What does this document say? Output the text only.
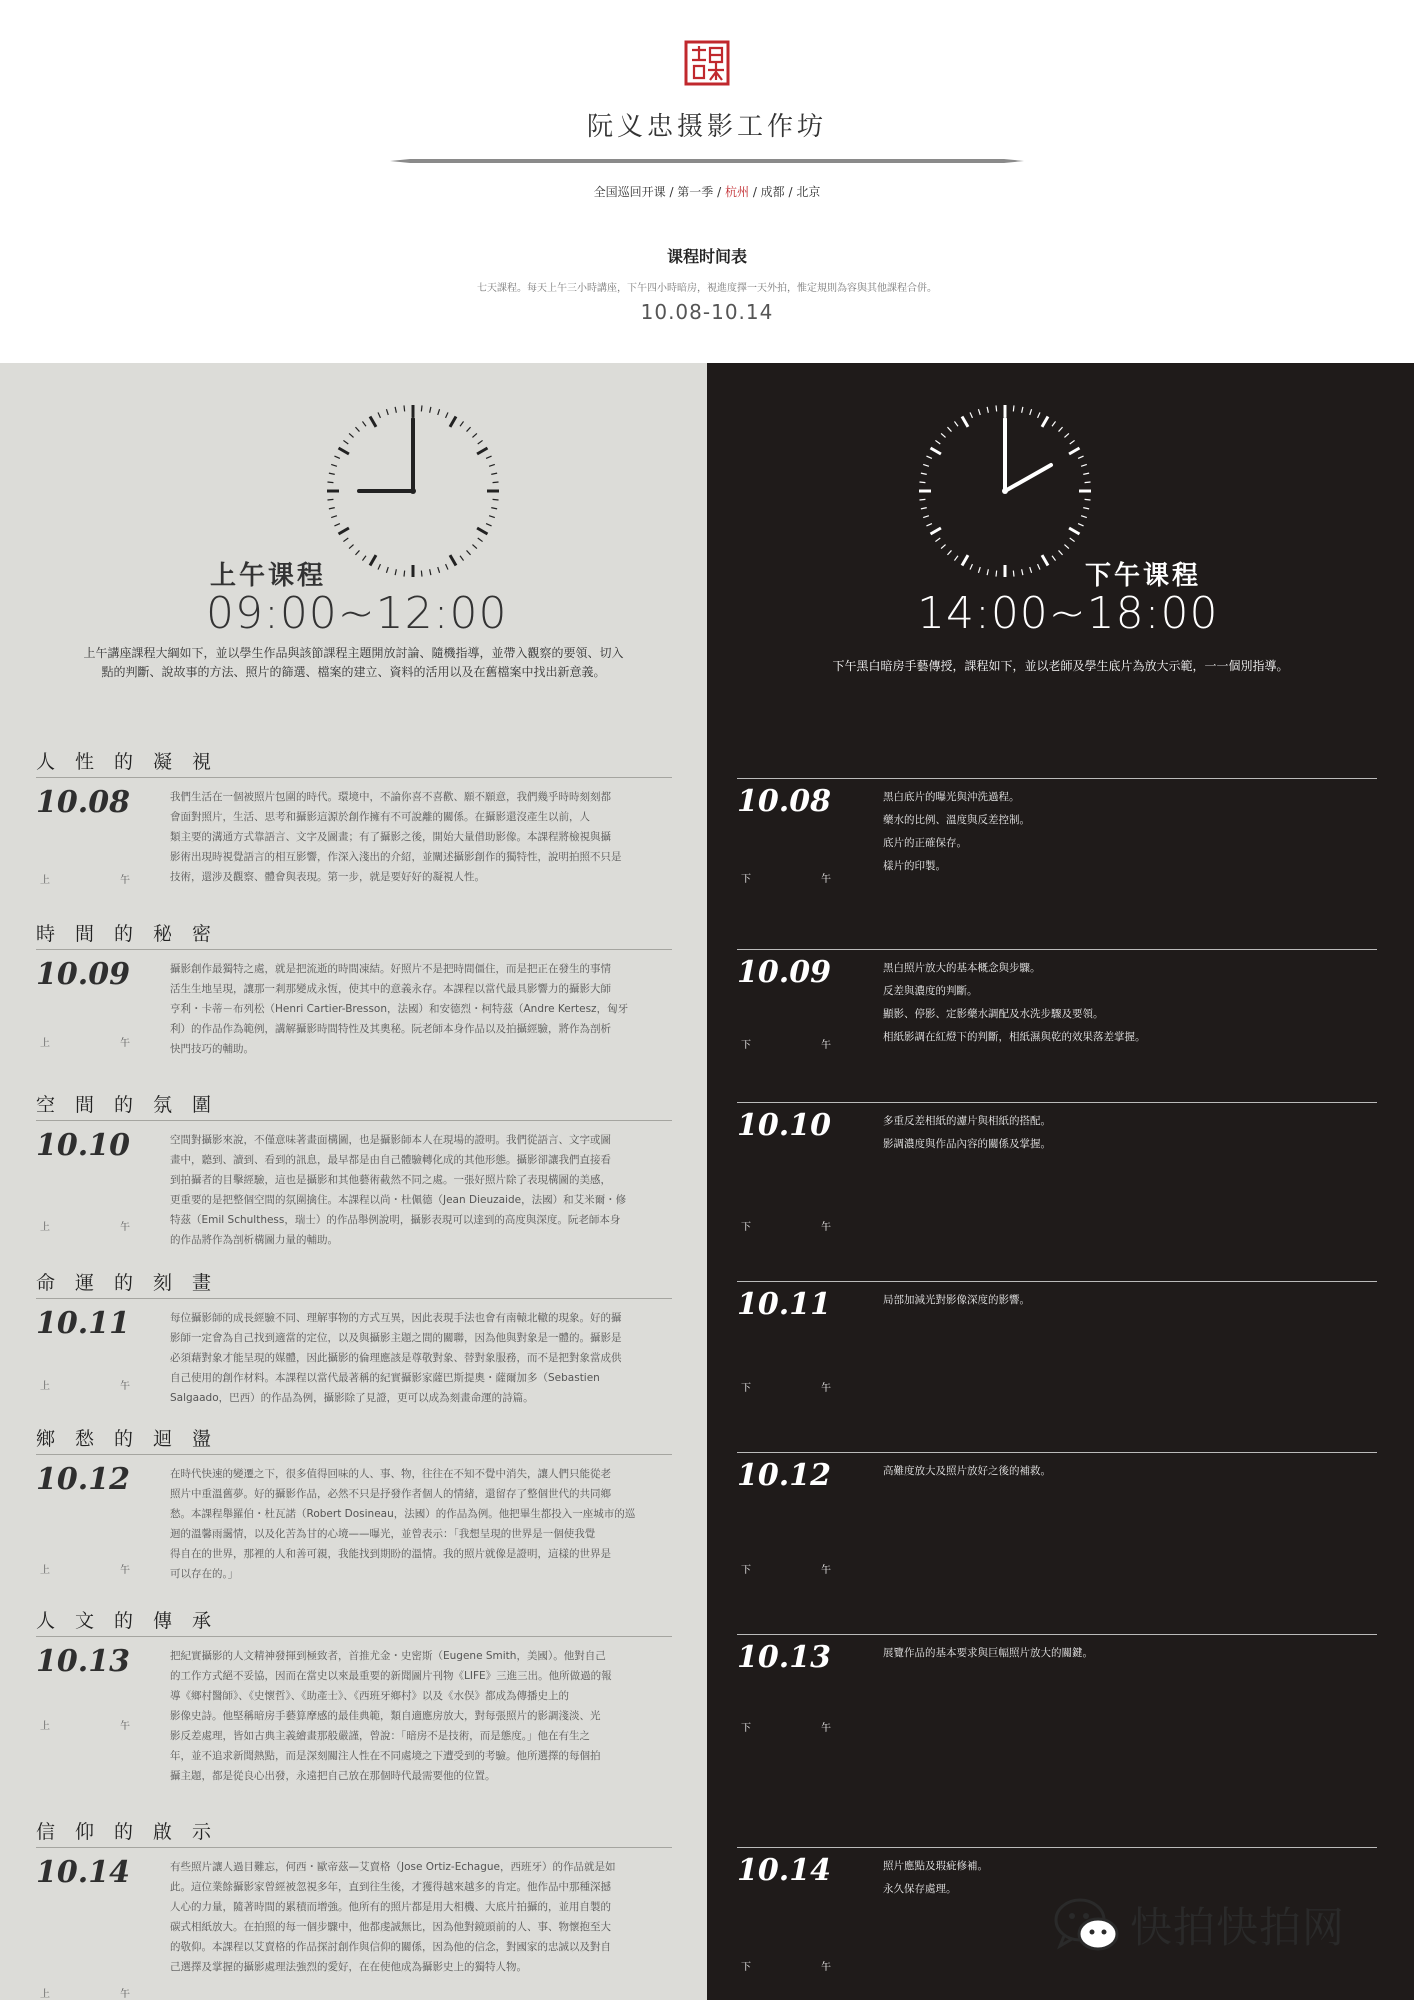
阮义忠摄影工作坊
全国巡回开课 / 第一季 / 杭州 / 成都 / 北京
课程时间表
七天課程。每天上午三小時講座，下午四小時暗房，視進度擇一天外拍，惟定規則為容與其他課程合併。
10.08-10.14
上午课程
09:00~12:00
上午講座課程大綱如下，並以學生作品與該節課程主題開放討論、隨機指導，並帶入觀察的要領、切入
點的判斷、說故事的方法、照片的篩選、檔案的建立、資料的活用以及在舊檔案中找出新意義。
人性的凝視
10.08
上	午
我們生活在一個被照片包圍的時代。環境中，不論你喜不喜歡、願不願意，我們幾乎時時刻刻都
會面對照片，生活、思考和攝影這源於創作擁有不可說離的關係。在攝影還沒產生以前，人
類主要的溝通方式靠語言、文字及圖畫；有了攝影之後，開始大量借助影像。本課程將檢視與攝
影術出現時視覺語言的相互影響，作深入淺出的介紹，並闡述攝影創作的獨特性，說明拍照不只是
技術，還涉及觀察、體會與表現。第一步，就是要好好的凝視人性。
時間的秘密
10.09
上	午
攝影創作最獨特之處，就是把流逝的時間凍結。好照片不是把時間僵住，而是把正在發生的事情
活生生地呈現，讓那一剎那變成永恆，使其中的意義永存。本課程以當代最具影響力的攝影大師
亨利・卡蒂－布列松（Henri Cartier-Bresson，法國）和安德烈・柯特茲（Andre Kertesz，匈牙
利）的作品作為範例，講解攝影時間特性及其奧秘。阮老師本身作品以及拍攝經驗，將作為剖析
快門技巧的輔助。
空間的氛圍
10.10
上	午
空間對攝影來說，不僅意味著畫面構圖，也是攝影師本人在現場的證明。我們從語言、文字或圖
畫中，聽到、讀到、看到的訊息，最早都是由自己體驗轉化成的其他形態。攝影卻讓我們直接看
到拍攝者的目擊經驗，這也是攝影和其他藝術截然不同之處。一張好照片除了表現構圖的美感，
更重要的是把整個空間的氛圍擒住。本課程以尚・杜佩德（Jean Dieuzaide，法國）和艾米爾・修
特茲（Emil Schulthess，瑞士）的作品舉例說明，攝影表現可以達到的高度與深度。阮老師本身
的作品將作為剖析構圖力量的輔助。
命運的刻畫
10.11
上	午
每位攝影師的成長經驗不同、理解事物的方式互異，因此表現手法也會有南轅北轍的現象。好的攝
影師一定會為自己找到適當的定位，以及與攝影主題之間的關聯，因為他與對象是一體的。攝影是
必須藉對象才能呈現的媒體，因此攝影的倫理應該是尊敬對象、替對象服務，而不是把對象當成供
自己使用的創作材料。本課程以當代最著稱的紀實攝影家薩巴斯提奧・薩爾加多（Sebastien
Salgaado，巴西）的作品為例，攝影除了見證，更可以成為刻畫命運的詩篇。
鄉愁的迴盪
10.12
上	午
在時代快速的變遷之下，很多值得回味的人、事、物，往往在不知不覺中消失，讓人們只能從老
照片中重溫舊夢。好的攝影作品，必然不只是抒發作者個人的情緒，還留存了整個世代的共同鄉
愁。本課程舉羅伯・杜瓦諾（Robert Dosineau，法國）的作品為例。他把畢生都投入一座城市的巡
迴的溫馨雨靄情，以及化苦為甘的心境——曝光，並曾表示：「我想呈現的世界是一個使我覺
得自在的世界，那裡的人和善可親，我能找到期盼的溫情。我的照片就像是證明，這樣的世界是
可以存在的。」
人文的傳承
10.13
上	午
把紀實攝影的人文精神發揮到極致者，首推尤金・史密斯（Eugene Smith，美國）。他對自己
的工作方式絕不妥協，因而在當史以來最重要的新聞圖片刊物《LIFE》三進三出。他所做過的報
導《鄉村醫師》、《史懷哲》、《助產士》、《西班牙鄉村》以及《水俣》都成為傳播史上的
影像史詩。他堅稱暗房手藝算摩感的最佳典範，類自適應房放大，對每張照片的影調淺淡、光
影反差處理，皆如古典主義繪畫那般嚴謹，曾說：「暗房不是技術，而是態度。」他在有生之
年，並不追求新聞熱點，而是深刻關注人性在不同處境之下遭受到的考驗。他所選擇的每個拍
攝主題，都是從良心出發，永遠把自己放在那個時代最需要他的位置。
信仰的啟示
10.14
上	午
有些照片讓人過目難忘，何西・歐帝茲—艾賣格（Jose Ortiz-Echague，西班牙）的作品就是如
此。這位業餘攝影家曾經被忽視多年，直到往生後，才獲得越來越多的肯定。他作品中那種深撼
人心的力量，隨著時間的累積而增強。他所有的照片都是用大相機、大底片拍攝的，並用自製的
碳式相紙放大。在拍照的每一個步驟中，他都虔誠無比，因為他對鏡頭前的人、事、物懷抱至大
的敬仰。本課程以艾賣格的作品探討創作與信仰的關係，因為他的信念，對國家的忠誠以及對自
己選擇及掌握的攝影處理法強烈的愛好，在在使他成為攝影史上的獨特人物。
下午课程
14:00~18:00
下午黑白暗房手藝傳授，課程如下，並以老師及學生底片為放大示範，一一個別指導。
10.08
下	午
黑白底片的曝光與沖洗過程。
藥水的比例、溫度與反差控制。
底片的正確保存。
樣片的印製。
10.09
下	午
黑白照片放大的基本概念與步驟。
反差與濃度的判斷。
顯影、停影、定影藥水調配及水洗步驟及要領。
相紙影調在紅燈下的判斷，相紙濕與乾的效果落差掌握。
10.10
下	午
多重反差相紙的濾片與相紙的搭配。
影調濃度與作品內容的關係及掌握。
10.11
下	午
局部加減光對影像深度的影響。
10.12
下	午
高難度放大及照片放好之後的補救。
10.13
下	午
展覽作品的基本要求與巨幅照片放大的關鍵。
10.14
下	午
照片應點及瑕疵修補。
永久保存處理。
快拍快拍网
